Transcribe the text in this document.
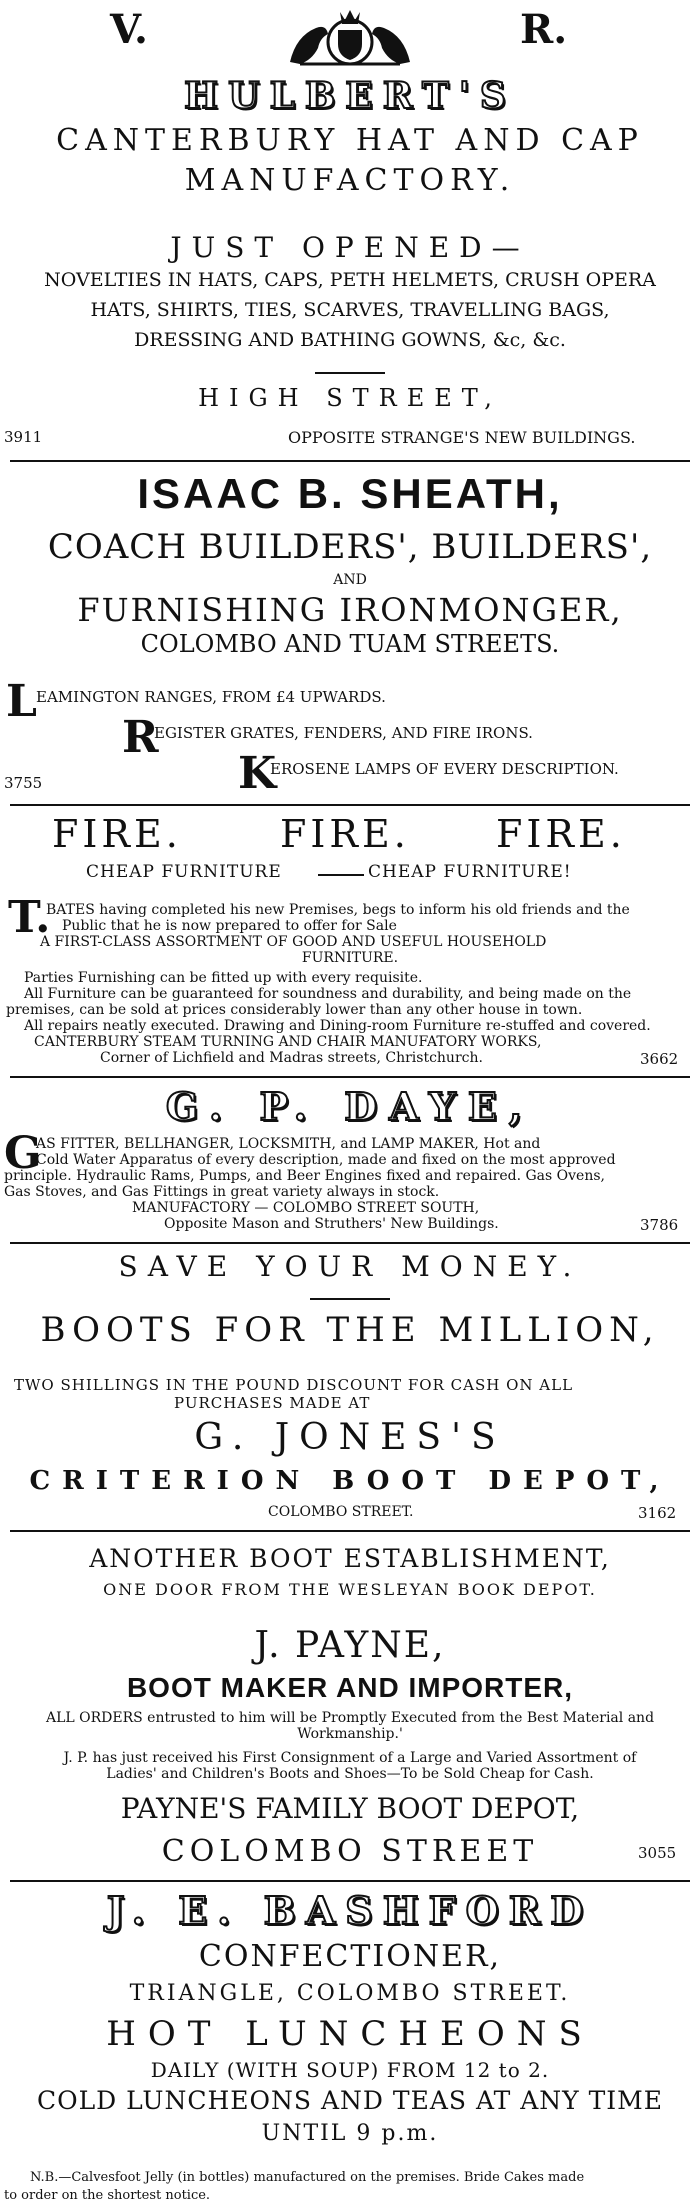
V.	R.
HULBERT'S
CANTERBURY HAT AND CAP
MANUFACTORY.
JUST OPENED—
NOVELTIES IN HATS, CAPS, PETH HELMETS, CRUSH OPERA
HATS, SHIRTS, TIES, SCARVES, TRAVELLING BAGS,
DRESSING AND BATHING GOWNS, &c, &c.
HIGH STREET,
3911	OPPOSITE STRANGE'S NEW BUILDINGS.
ISAAC B. SHEATH,
COACH BUILDERS', BUILDERS',
AND
FURNISHING IRONMONGER,
COLOMBO AND TUAM STREETS.
L EAMINGTON RANGES, FROM £4 UPWARDS.
R
EGISTER GRATES, FENDERS, AND FIRE IRONS.
K
EROSENE LAMPS OF EVERY DESCRIPTION.
3755
FIRE.	FIRE. FIRE.
CHEAP FURNITURE	CHEAP FURNITURE!
T.
BATES having completed his new Premises, begs to inform his old friends and the
Public that he is now prepared to offer for Sale
A FIRST-CLASS ASSORTMENT OF GOOD AND USEFUL HOUSEHOLD
FURNITURE.
Parties Furnishing can be fitted up with every requisite.
All Furniture can be guaranteed for soundness and durability, and being made on the
premises, can be sold at prices considerably lower than any other house in town.
All repairs neatly executed. Drawing and Dining-room Furniture re-stuffed and covered.
CANTERBURY STEAM TURNING AND CHAIR MANUFATORY WORKS,
Corner of Lichfield and Madras streets, Christchurch.	3662
G. P. DAYE,
G
AS FITTER, BELLHANGER, LOCKSMITH, and LAMP MAKER, Hot and
Cold Water Apparatus of every description, made and fixed on the most approved
principle. Hydraulic Rams, Pumps, and Beer Engines fixed and repaired. Gas Ovens,
Gas Stoves, and Gas Fittings in great variety always in stock.
MANUFACTORY — COLOMBO STREET SOUTH,
Opposite Mason and Struthers' New Buildings.	3786
SAVE YOUR MONEY.
BOOTS FOR THE MILLION,
TWO SHILLINGS IN THE POUND DISCOUNT FOR CASH ON ALL
PURCHASES MADE AT
G. JONES'S
CRITERION BOOT DEPOT,
COLOMBO STREET.	3162
ANOTHER BOOT ESTABLISHMENT,
ONE DOOR FROM THE WESLEYAN BOOK DEPOT.
J. PAYNE,
BOOT MAKER AND IMPORTER,
ALL ORDERS entrusted to him will be Promptly Executed from the Best Material and
Workmanship.'
J. P. has just received his First Consignment of a Large and Varied Assortment of
Ladies' and Children's Boots and Shoes—To be Sold Cheap for Cash.
PAYNE'S FAMILY BOOT DEPOT,
COLOMBO STREET	3055
J. E. BASHFORD
CONFECTIONER,
TRIANGLE, COLOMBO STREET.
HOT LUNCHEONS
DAILY (WITH SOUP) FROM 12 to 2.
COLD LUNCHEONS AND TEAS AT ANY TIME
UNTIL 9 p.m.
N.B.—Calvesfoot Jelly (in bottles) manufactured on the premises. Bride Cakes made
to order on the shortest notice.
